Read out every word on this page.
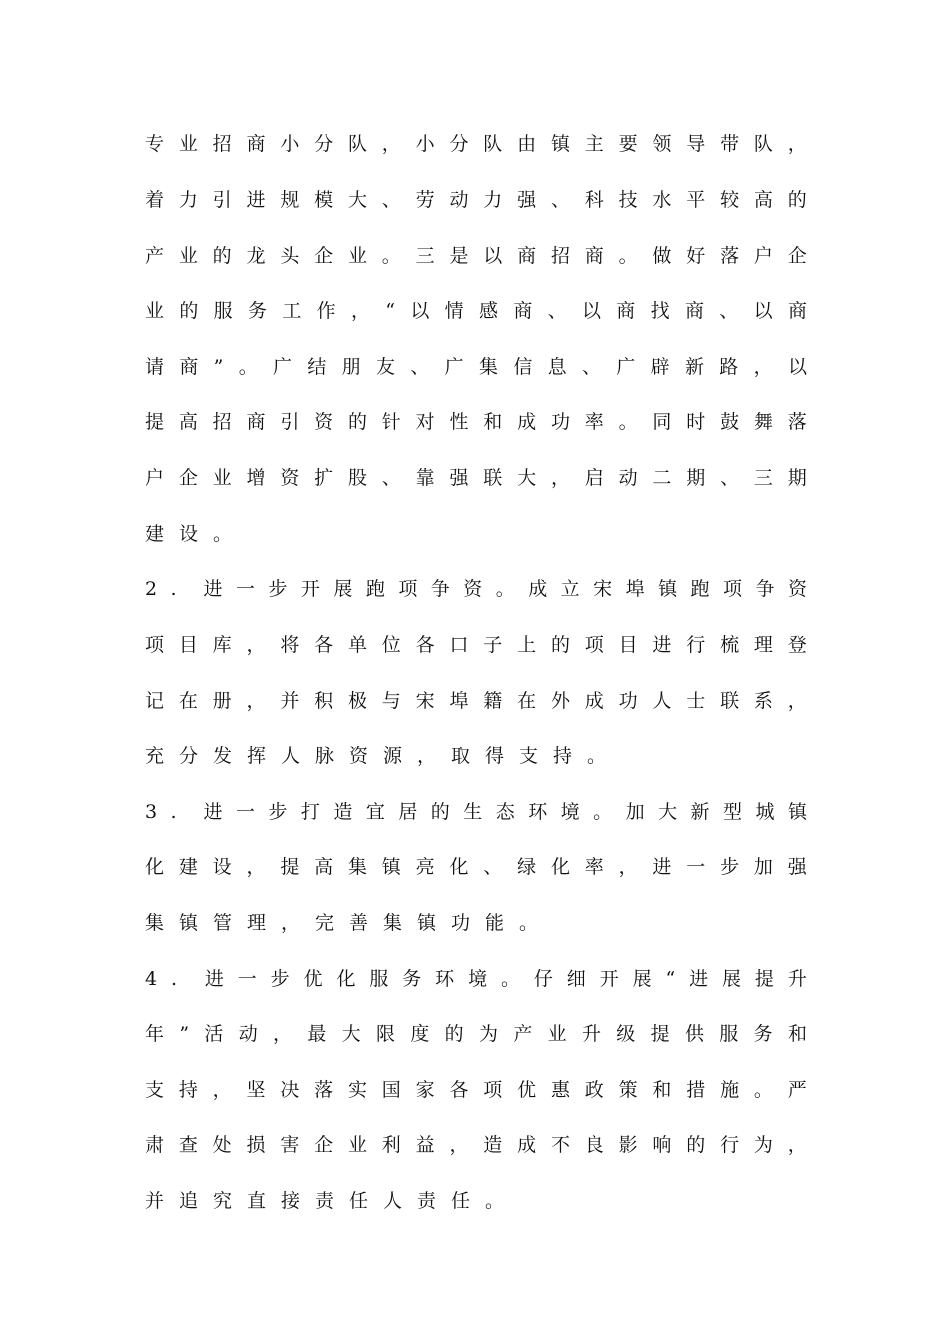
专 业 招 商 小 分 队 ， 小 分 队 由 镇 主 要 领 导 带 队 ，
着 力 引 进 规 模 大 、 劳 动 力 强 、 科 技 水 平 较 高 的
产 业 的 龙 头 企 业 。 三 是 以 商 招 商 。 做 好 落 户 企
业 的 服 务 工 作 ， “ 以 情 感 商 、 以 商 找 商 、 以 商
请 商 ” 。 广 结 朋 友 、 广 集 信 息 、 广 辟 新 路 ， 以
提 高 招 商 引 资 的 针 对 性 和 成 功 率 。 同 时 鼓 舞 落
户 企 业 增 资 扩 股 、 靠 强 联 大 ， 启 动 二 期 、 三 期
建设。
2 . 进 一 步 开 展 跑 项 争 资 。 成 立 宋 埠 镇 跑 项 争 资
项 目 库 ， 将 各 单 位 各 口 子 上 的 项 目 进 行 梳 理 登
记 在 册 ， 并 积 极 与 宋 埠 籍 在 外 成 功 人 士 联 系 ，
充分发挥人脉资源，取得支持。
3 . 进 一 步 打 造 宜 居 的 生 态 环 境 。 加 大 新 型 城 镇
化 建 设 ， 提 高 集 镇 亮 化 、 绿 化 率 ， 进 一 步 加 强
集镇管理，完善集镇功能。
4 . 进 一 步 优 化 服 务 环 境 。 仔 细 开 展 “ 进 展 提 升
年 ” 活 动 ， 最 大 限 度 的 为 产 业 升 级 提 供 服 务 和
支 持 ， 坚 决 落 实 国 家 各 项 优 惠 政 策 和 措 施 。 严
肃 查 处 损 害 企 业 利 益 ， 造 成 不 良 影 响 的 行 为 ，
并追究直接责任人责任。
